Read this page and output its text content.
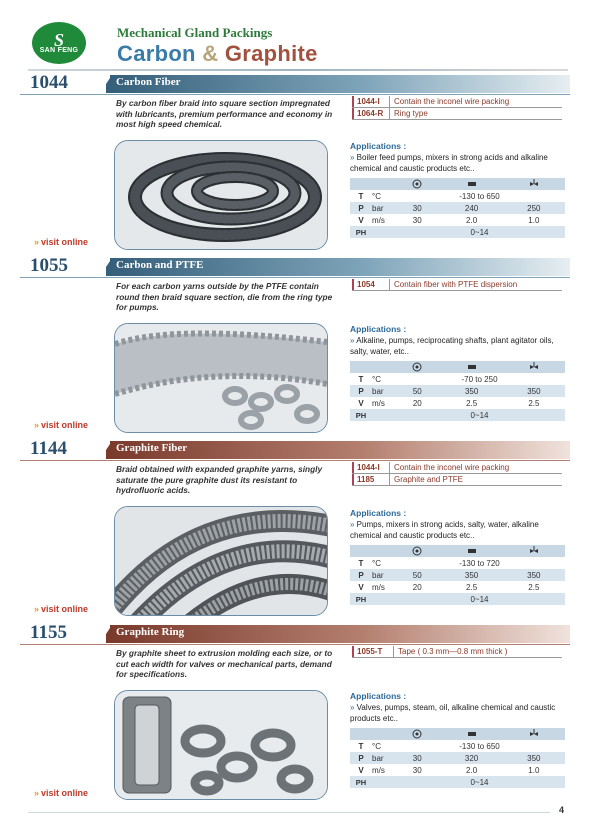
S
SAN FENG
Mechanical Gland Packings
Carbon & Graphite
1044	Carbon Fiber
By carbon fiber braid into square section impregnated with lubricants, premium performance and economy in most high speed chemical.
1044-I	Contain the inconel wire packing
1064-R	Ring type
» visit online
Applications :
» Boiler feed pumps, mixers in strong acids and alkaline chemical and caustic products etc..

T	°C	-130 to 650		
P	bar	30	240	250
V	m/s	30	2.0	1.0
PH		0~14		
1055	Carbon and PTFE
For each carbon yarns outside by the PTFE contain round then braid square section, die from the ring type for pumps.
1054	Contain fiber with PTFE dispersion
» visit online
Applications :
» Alkaline, pumps, reciprocating shafts, plant agitator oils, salty, water, etc..

T	°C	-70 to 250		
P	bar	50	350	350
V	m/s	20	2.5	2.5
PH		0~14		
1144	Graphite Fiber
Braid obtained with expanded graphite yarns, singly saturate the pure graphite dust its resistant to hydrofluoric acids.
1044-I	Contain the inconel wire packing
1185	Graphite and PTFE
» visit online
Applications :
» Pumps, mixers in strong acids, salty, water, alkaline chemical and caustic products etc..

T	°C	-130 to 720		
P	bar	50	350	350
V	m/s	20	2.5	2.5
PH		0~14		
1155	Graphite Ring
By graphite sheet to extrusion molding each size, or to cut each width for valves or mechanical parts, demand for specifications.
1055-T	Tape ( 0.3 mm—0.8 mm thick )
» visit online
Applications :
» Valves, pumps, steam, oil, alkaline chemical and caustic products etc..

T	°C	-130 to 650		
P	bar	30	320	350
V	m/s	30	2.0	1.0
PH		0~14		
4
